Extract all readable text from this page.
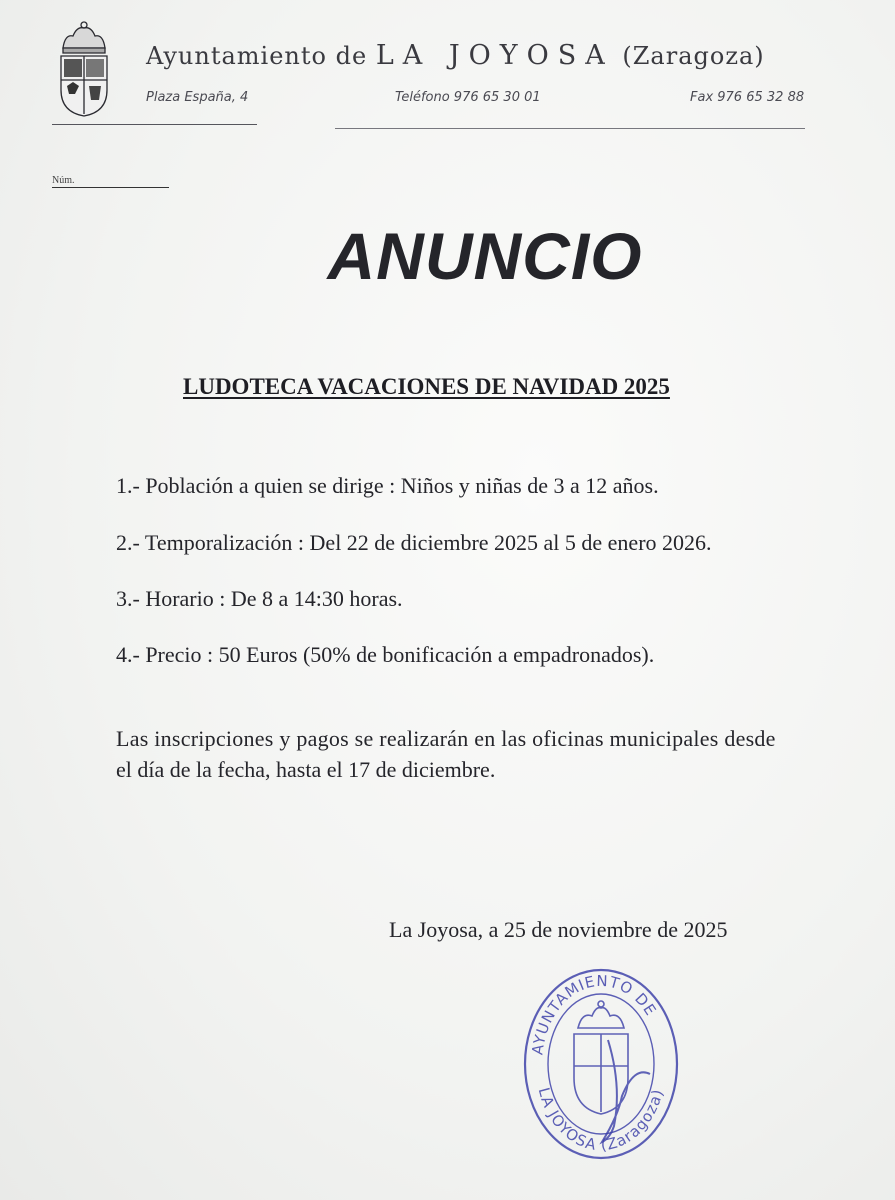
Ayuntamiento de LA JOYOSA (Zaragoza)
Plaza España, 4	Teléfono 976 65 30 01	Fax 976 65 32 88
Núm.
ANUNCIO
LUDOTECA VACACIONES DE NAVIDAD 2025
1.- Población a quien se dirige : Niños y niñas de 3 a 12 años.
2.- Temporalización : Del 22 de diciembre 2025 al 5 de enero 2026.
3.- Horario : De 8 a 14:30 horas.
4.- Precio : 50 Euros (50% de bonificación a empadronados).
Las inscripciones y pagos se realizarán en las oficinas municipales desde
el día de la fecha, hasta el 17 de diciembre.
La Joyosa, a 25 de noviembre de 2025
AYUNTAMIENTO DE
LA JOYOSA (Zaragoza)
